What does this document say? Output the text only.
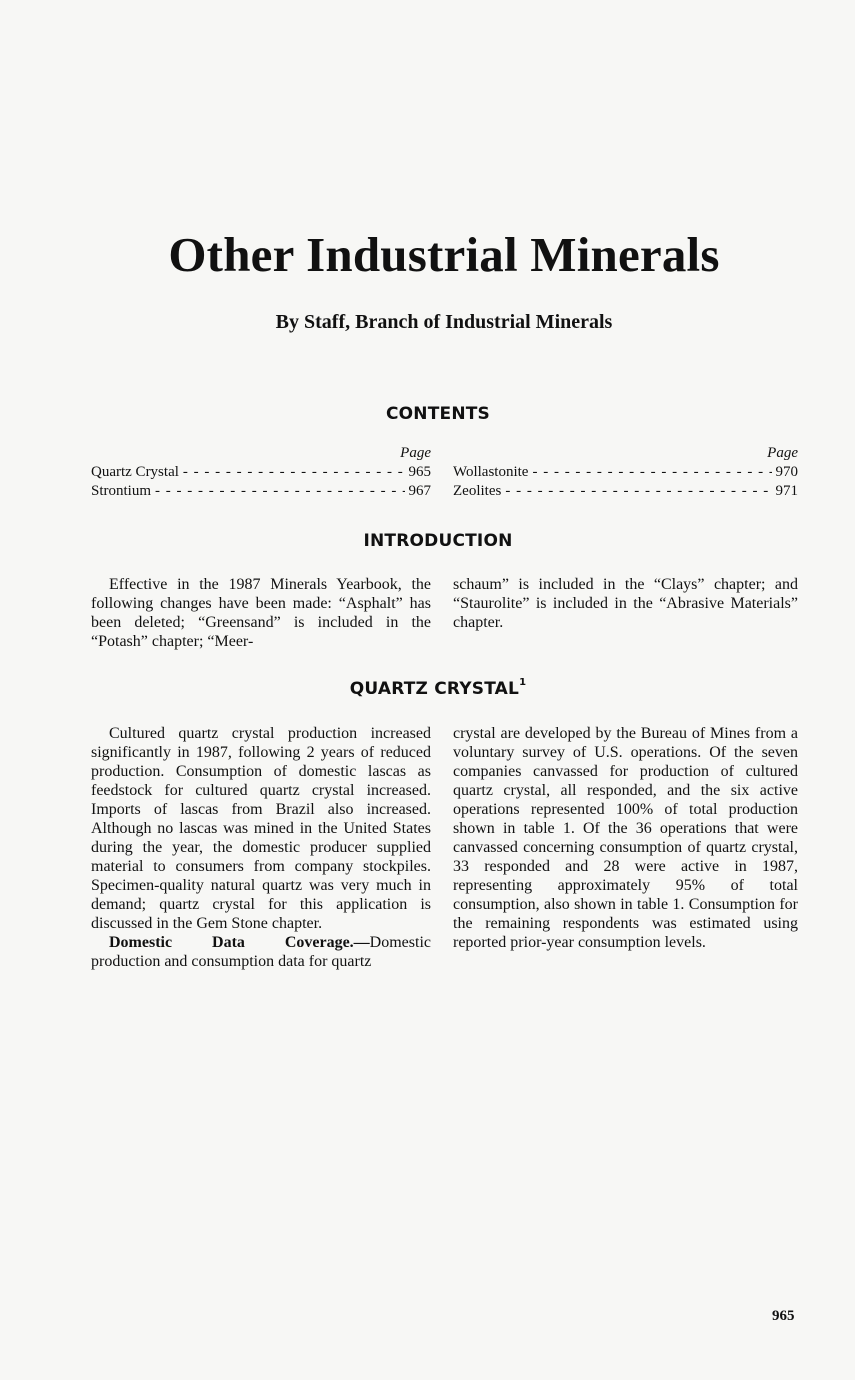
Other Industrial Minerals
By Staff, Branch of Industrial Minerals
CONTENTS
Page
Quartz Crystal - - -	965
Strontium - - -	967
Page
Wollastonite - - -	970
Zeolites - - -	971
INTRODUCTION

Effective in the 1987 Minerals Yearbook, the following changes have been made: “Asphalt” has been deleted; “Greensand” is included in the “Potash” chapter; “Meer-

schaum” is included in the “Clays” chapter; and “Staurolite” is included in the “Abrasive Materials” chapter.

QUARTZ CRYSTAL$^1$

Cultured quartz crystal production increased significantly in 1987, following 2 years of reduced production. Consumption of domestic lascas as feedstock for cultured quartz crystal increased. Imports of lascas from Brazil also increased. Although no lascas was mined in the United States during the year, the domestic producer supplied material to consumers from company stockpiles. Specimen-quality natural quartz was very much in demand; quartz crystal for this application is discussed in the Gem Stone chapter.

Domestic Data Coverage.—Domestic production and consumption data for quartz

crystal are developed by the Bureau of Mines from a voluntary survey of U.S. operations. Of the seven companies canvassed for production of cultured quartz crystal, all responded, and the six active operations represented 100% of total production shown in table 1. Of the 36 operations that were canvassed concerning consumption of quartz crystal, 33 responded and 28 were active in 1987, representing approximately 95% of total consumption, also shown in table 1. Consumption for the remaining respondents was estimated using reported prior-year consumption levels.

965
